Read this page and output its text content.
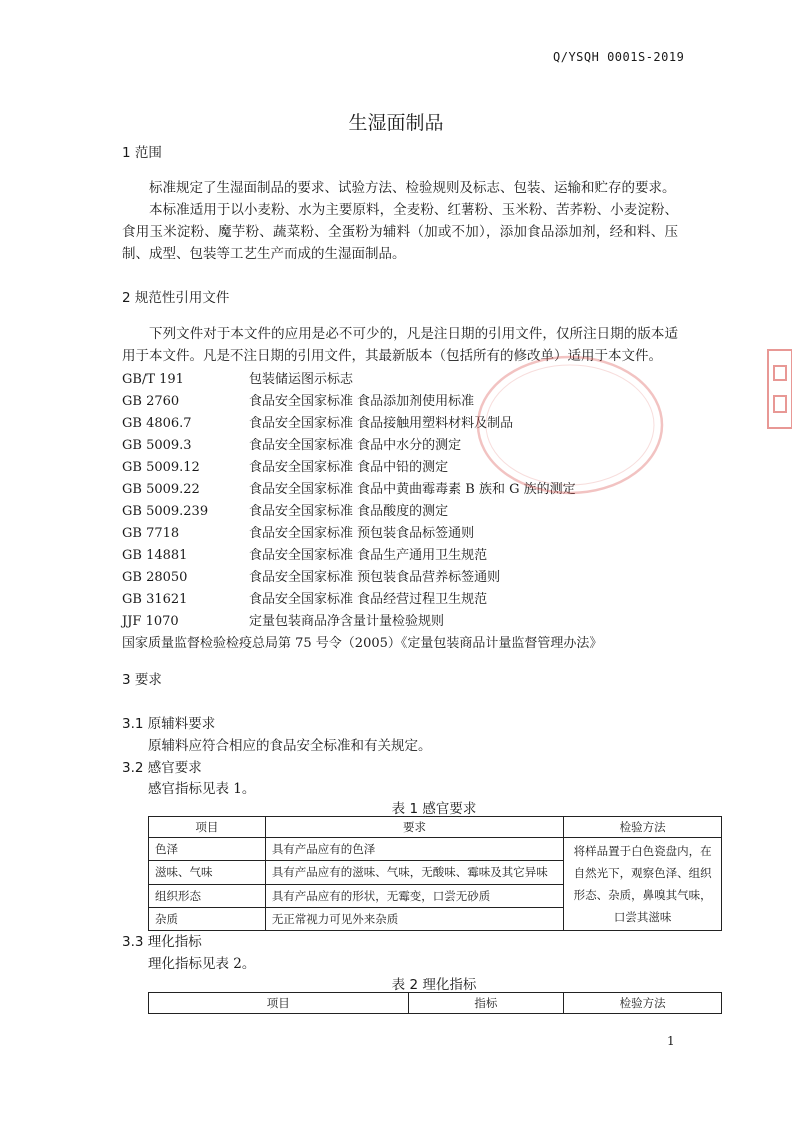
Q/YSQH 0001S-2019
生湿面制品
1 范围

标准规定了生湿面制品的要求、试验方法、检验规则及标志、包装、运输和贮存的要求。

本标准适用于以小麦粉、水为主要原料，全麦粉、红薯粉、玉米粉、苦荞粉、小麦淀粉、食用玉米淀粉、魔芋粉、蔬菜粉、全蛋粉为辅料（加或不加），添加食品添加剂，经和料、压制、成型、包装等工艺生产而成的生湿面制品。

2 规范性引用文件

下列文件对于本文件的应用是必不可少的，凡是注日期的引用文件，仅所注日期的版本适用于本文件。凡是不注日期的引用文件，其最新版本（包括所有的修改单）适用于本文件。

GB/T 191	包装储运图示标志
GB 2760	食品安全国家标准 食品添加剂使用标准
GB 4806.7	食品安全国家标准 食品接触用塑料材料及制品
GB 5009.3	食品安全国家标准 食品中水分的测定
GB 5009.12	食品安全国家标准 食品中铅的测定
GB 5009.22	食品安全国家标准 食品中黄曲霉毒素 B 族和 G 族的测定
GB 5009.239	食品安全国家标准 食品酸度的测定
GB 7718	食品安全国家标准 预包装食品标签通则
GB 14881	食品安全国家标准 食品生产通用卫生规范
GB 28050	食品安全国家标准 预包装食品营养标签通则
GB 31621	食品安全国家标准 食品经营过程卫生规范
JJF 1070	定量包装商品净含量计量检验规则
国家质量监督检验检疫总局第 75 号令（2005）《定量包装商品计量监督管理办法》
3 要求
3.1 原辅料要求
原辅料应符合相应的食品安全标准和有关规定。
3.2 感官要求
感官指标见表 1。
表 1 感官要求
项目	要求	检验方法
色泽	具有产品应有的色泽	将样品置于白色瓷盘内，在自然光下，观察色泽、组织形态、杂质，鼻嗅其气味，口尝其滋味
滋味、气味	具有产品应有的滋味、气味，无酸味、霉味及其它异味	
组织形态	具有产品应有的形状，无霉变，口尝无砂质	
杂质	无正常视力可见外来杂质	
3.3 理化指标
理化指标见表 2。
表 2 理化指标
项目	指标	检验方法
1
